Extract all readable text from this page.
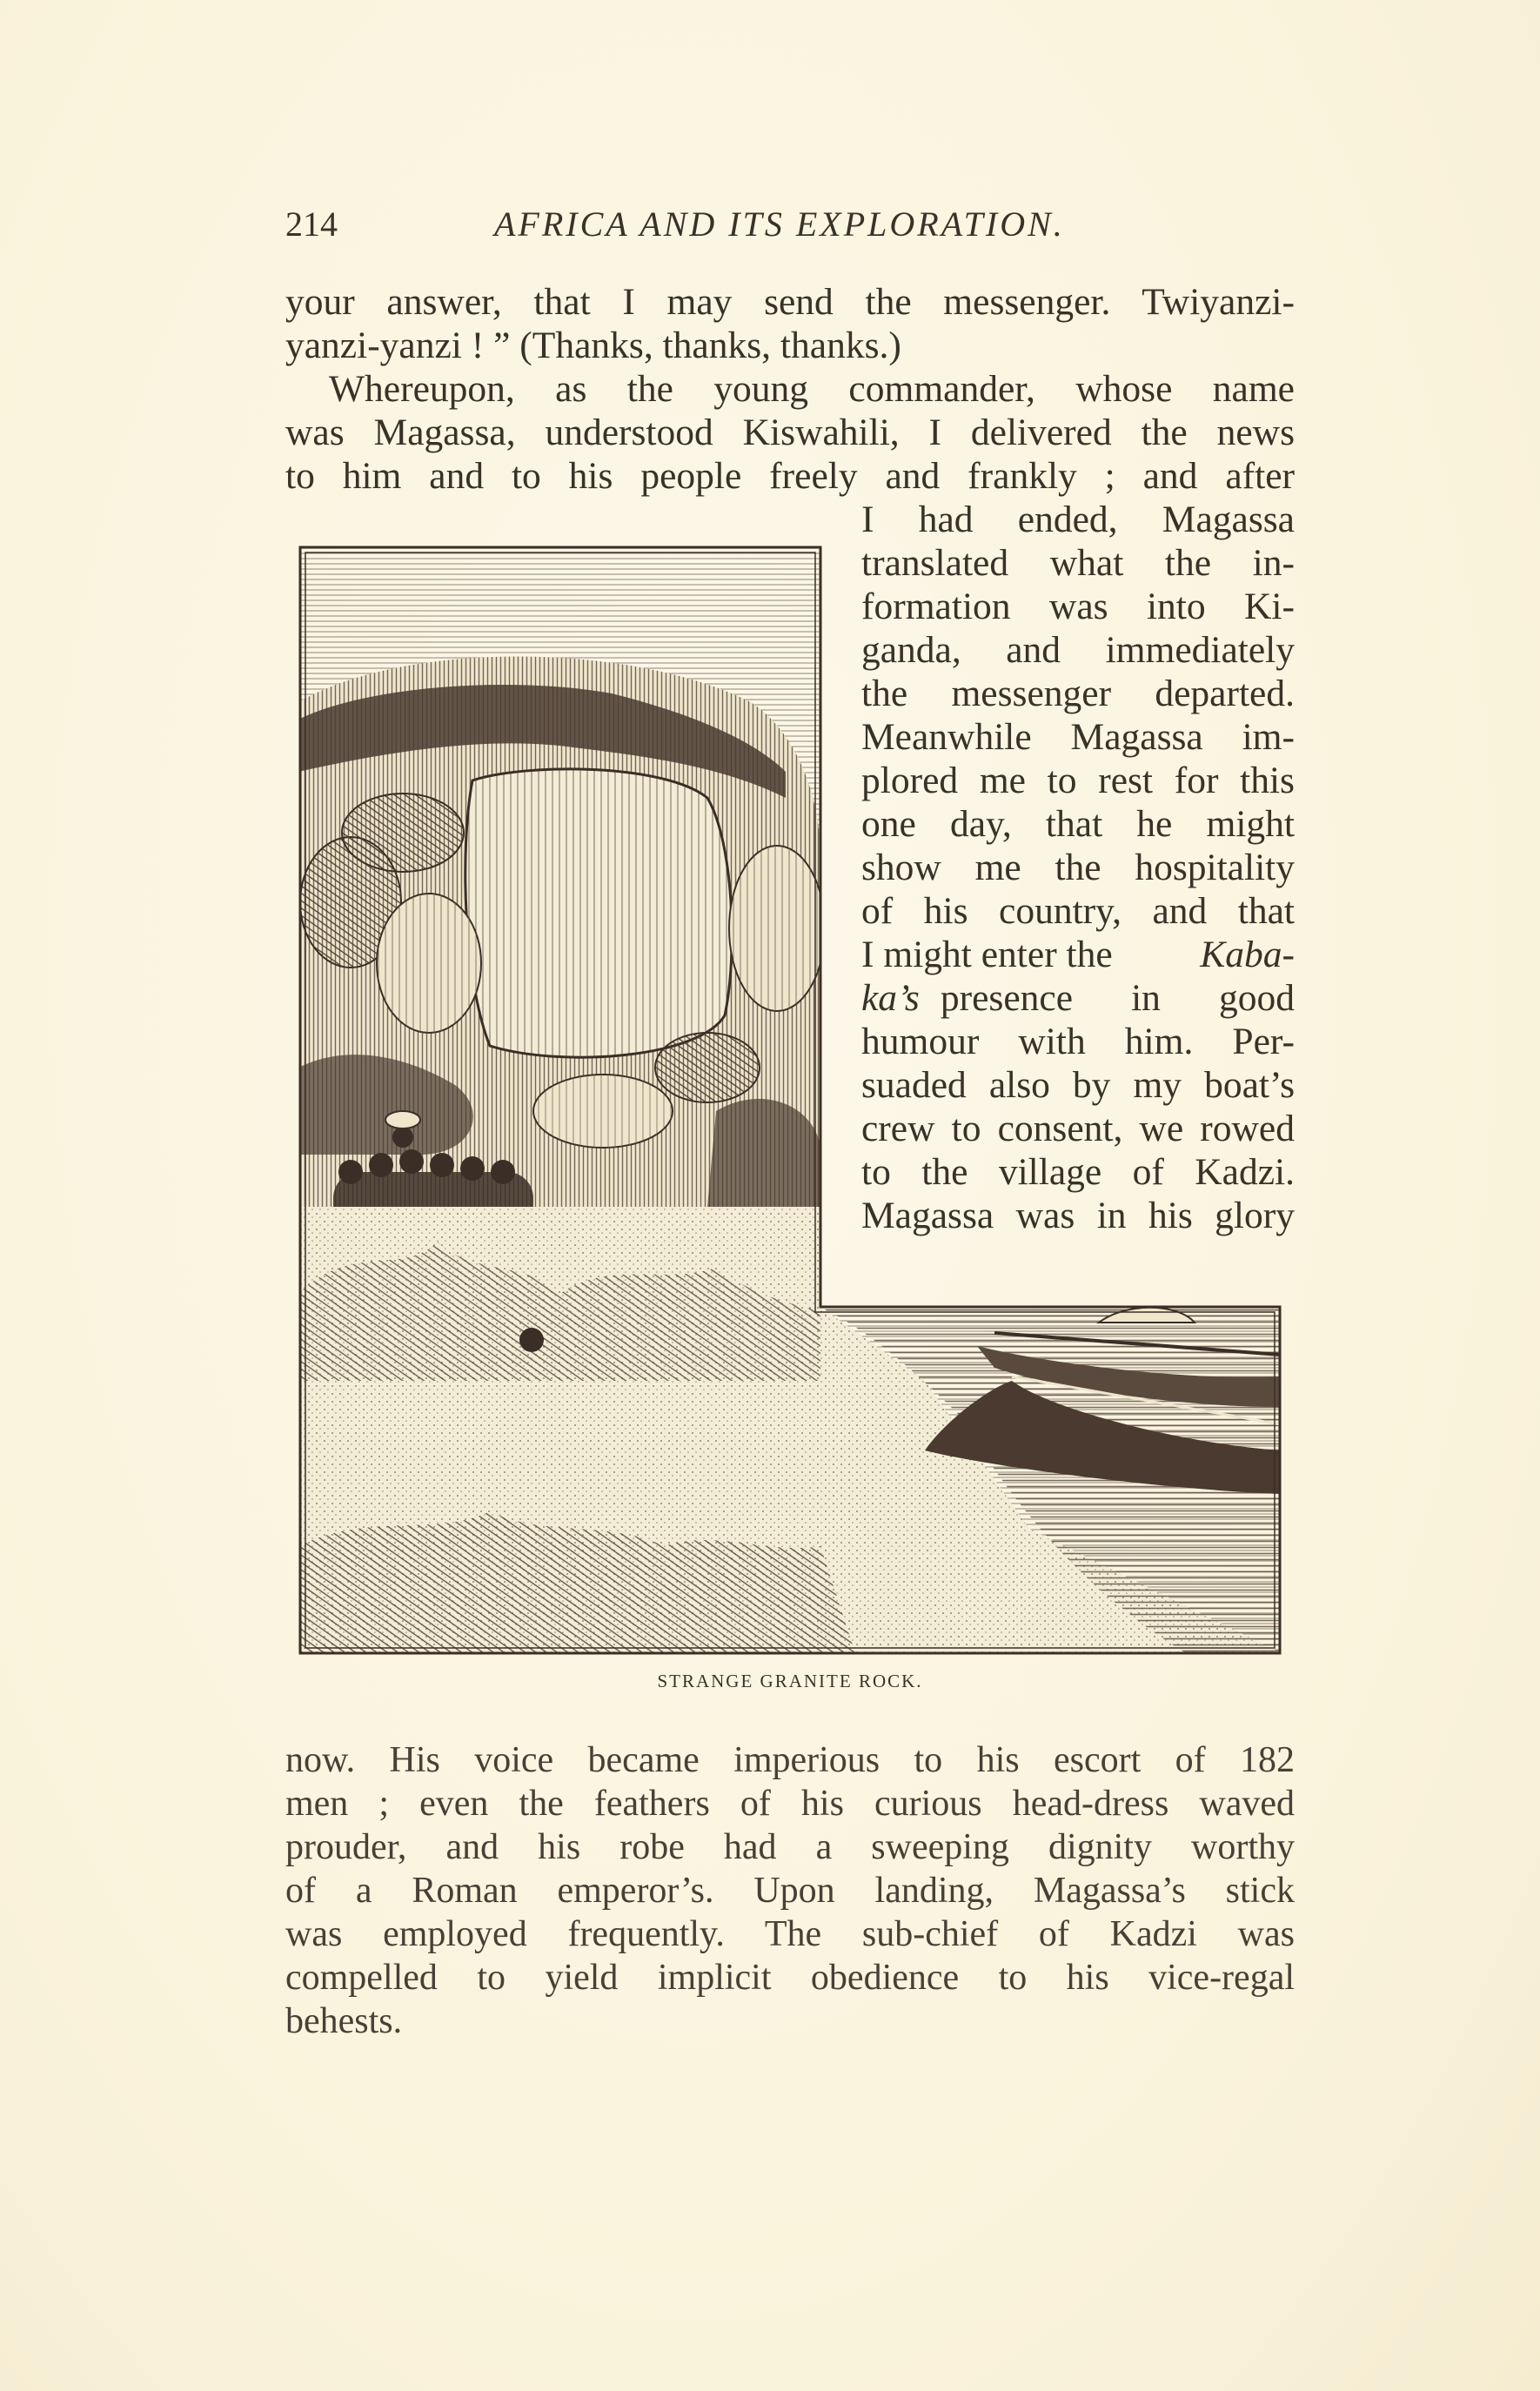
214	AFRICA AND ITS EXPLORATION.
your answer, that I may send the messenger. Twiyanzi-
yanzi-yanzi ! ” (Thanks, thanks, thanks.)
Whereupon, as the young commander, whose name
was Magassa, understood Kiswahili, I delivered the news
to him and to his people freely and frankly ; and after
I had ended, Magassa
translated what the in-
formation was into Ki-
ganda, and immediately
the messenger departed.
Meanwhile Magassa im-
plored me to rest for this
one day, that he might
show me the hospitality
of his country, and that
I might enter the Kaba-
ka’s presence in good
humour with him. Per-
suaded also by my boat’s
crew to consent, we rowed
to the village of Kadzi.
Magassa was in his glory
STRANGE GRANITE ROCK.
now. His voice became imperious to his escort of 182
men ; even the feathers of his curious head-dress waved
prouder, and his robe had a sweeping dignity worthy
of a Roman emperor’s. Upon landing, Magassa’s stick
was employed frequently. The sub-chief of Kadzi was
compelled to yield implicit obedience to his vice-regal
behests.
